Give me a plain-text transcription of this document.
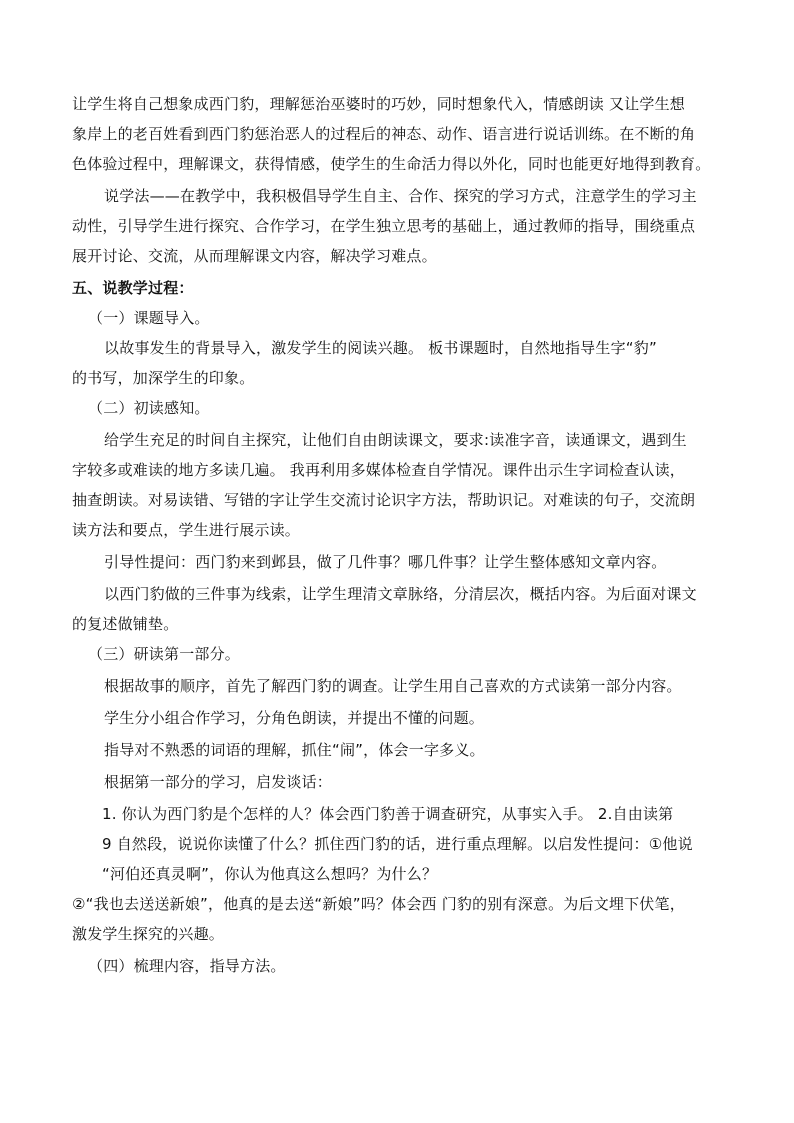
让学生将自己想象成西门豹，理解惩治巫婆时的巧妙，同时想象代入，情感朗读 又让学生想
象岸上的老百姓看到西门豹惩治恶人的过程后的神态、动作、语言进行说话训练。在不断的角
色体验过程中，理解课文，获得情感，使学生的生命活力得以外化，同时也能更好地得到教育。
说学法——在教学中，我积极倡导学生自主、合作、探究的学习方式，注意学生的学习主
动性，引导学生进行探究、合作学习，在学生独立思考的基础上，通过教师的指导，围绕重点
展开讨论、交流，从而理解课文内容，解决学习难点。
五、说教学过程：
（一）课题导入。
以故事发生的背景导入，激发学生的阅读兴趣。 板书课题时，自然地指导生字“豹”
的书写，加深学生的印象。
（二）初读感知。
给学生充足的时间自主探究，让他们自由朗读课文，要求:读准字音，读通课文，遇到生
字较多或难读的地方多读几遍。 我再利用多媒体检查自学情况。课件出示生字词检查认读，
抽查朗读。对易读错、写错的字让学生交流讨论识字方法，帮助识记。对难读的句子，交流朗
读方法和要点，学生进行展示读。
引导性提问：西门豹来到邺县，做了几件事？哪几件事？让学生整体感知文章内容。
以西门豹做的三件事为线索，让学生理清文章脉络，分清层次，概括内容。为后面对课文
的复述做铺垫。
（三）研读第一部分。
根据故事的顺序，首先了解西门豹的调查。让学生用自己喜欢的方式读第一部分内容。
学生分小组合作学习，分角色朗读，并提出不懂的问题。
指导对不熟悉的词语的理解，抓住“闹”，体会一字多义。
根据第一部分的学习，启发谈话：
1. 你认为西门豹是个怎样的人？体会西门豹善于调查研究，从事实入手。 2.自由读第
9 自然段，说说你读懂了什么？抓住西门豹的话，进行重点理解。以启发性提问：①他说
“河伯还真灵啊”，你认为他真这么想吗？为什么？
②“我也去送送新娘”，他真的是去送“新娘”吗？体会西 门豹的别有深意。为后文埋下伏笔，
激发学生探究的兴趣。
（四）梳理内容，指导方法。
